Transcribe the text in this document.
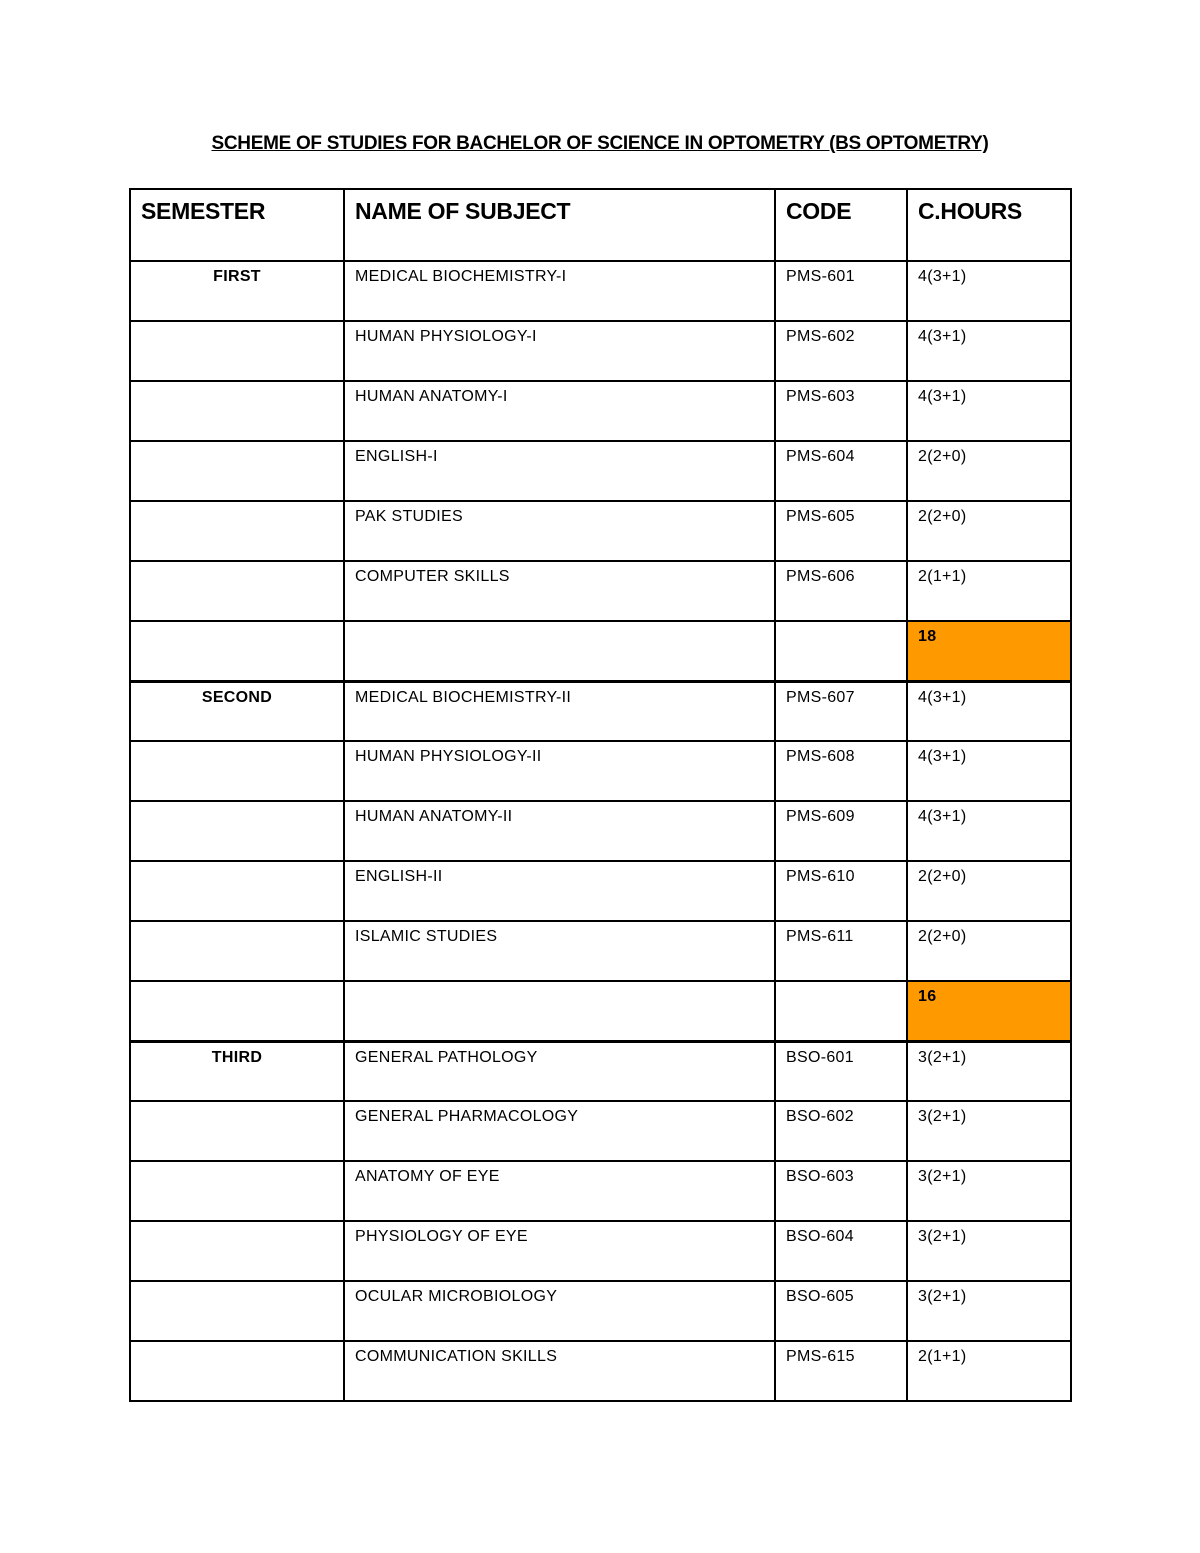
SCHEME OF STUDIES FOR BACHELOR OF SCIENCE IN OPTOMETRY (BS OPTOMETRY)
SEMESTER	NAME OF SUBJECT	CODE	C.HOURS
FIRST	MEDICAL BIOCHEMISTRY-I	PMS-601	4(3+1)
	HUMAN PHYSIOLOGY-I	PMS-602	4(3+1)
	HUMAN ANATOMY-I	PMS-603	4(3+1)
	ENGLISH-I	PMS-604	2(2+0)
	PAK STUDIES	PMS-605	2(2+0)
	COMPUTER SKILLS	PMS-606	2(1+1)
			18
SECOND	MEDICAL BIOCHEMISTRY-II	PMS-607	4(3+1)
	HUMAN PHYSIOLOGY-II	PMS-608	4(3+1)
	HUMAN ANATOMY-II	PMS-609	4(3+1)
	ENGLISH-II	PMS-610	2(2+0)
	ISLAMIC STUDIES	PMS-611	2(2+0)
			16
THIRD	GENERAL PATHOLOGY	BSO-601	3(2+1)
	GENERAL PHARMACOLOGY	BSO-602	3(2+1)
	ANATOMY OF EYE	BSO-603	3(2+1)
	PHYSIOLOGY OF EYE	BSO-604	3(2+1)
	OCULAR MICROBIOLOGY	BSO-605	3(2+1)
	COMMUNICATION SKILLS	PMS-615	2(1+1)
